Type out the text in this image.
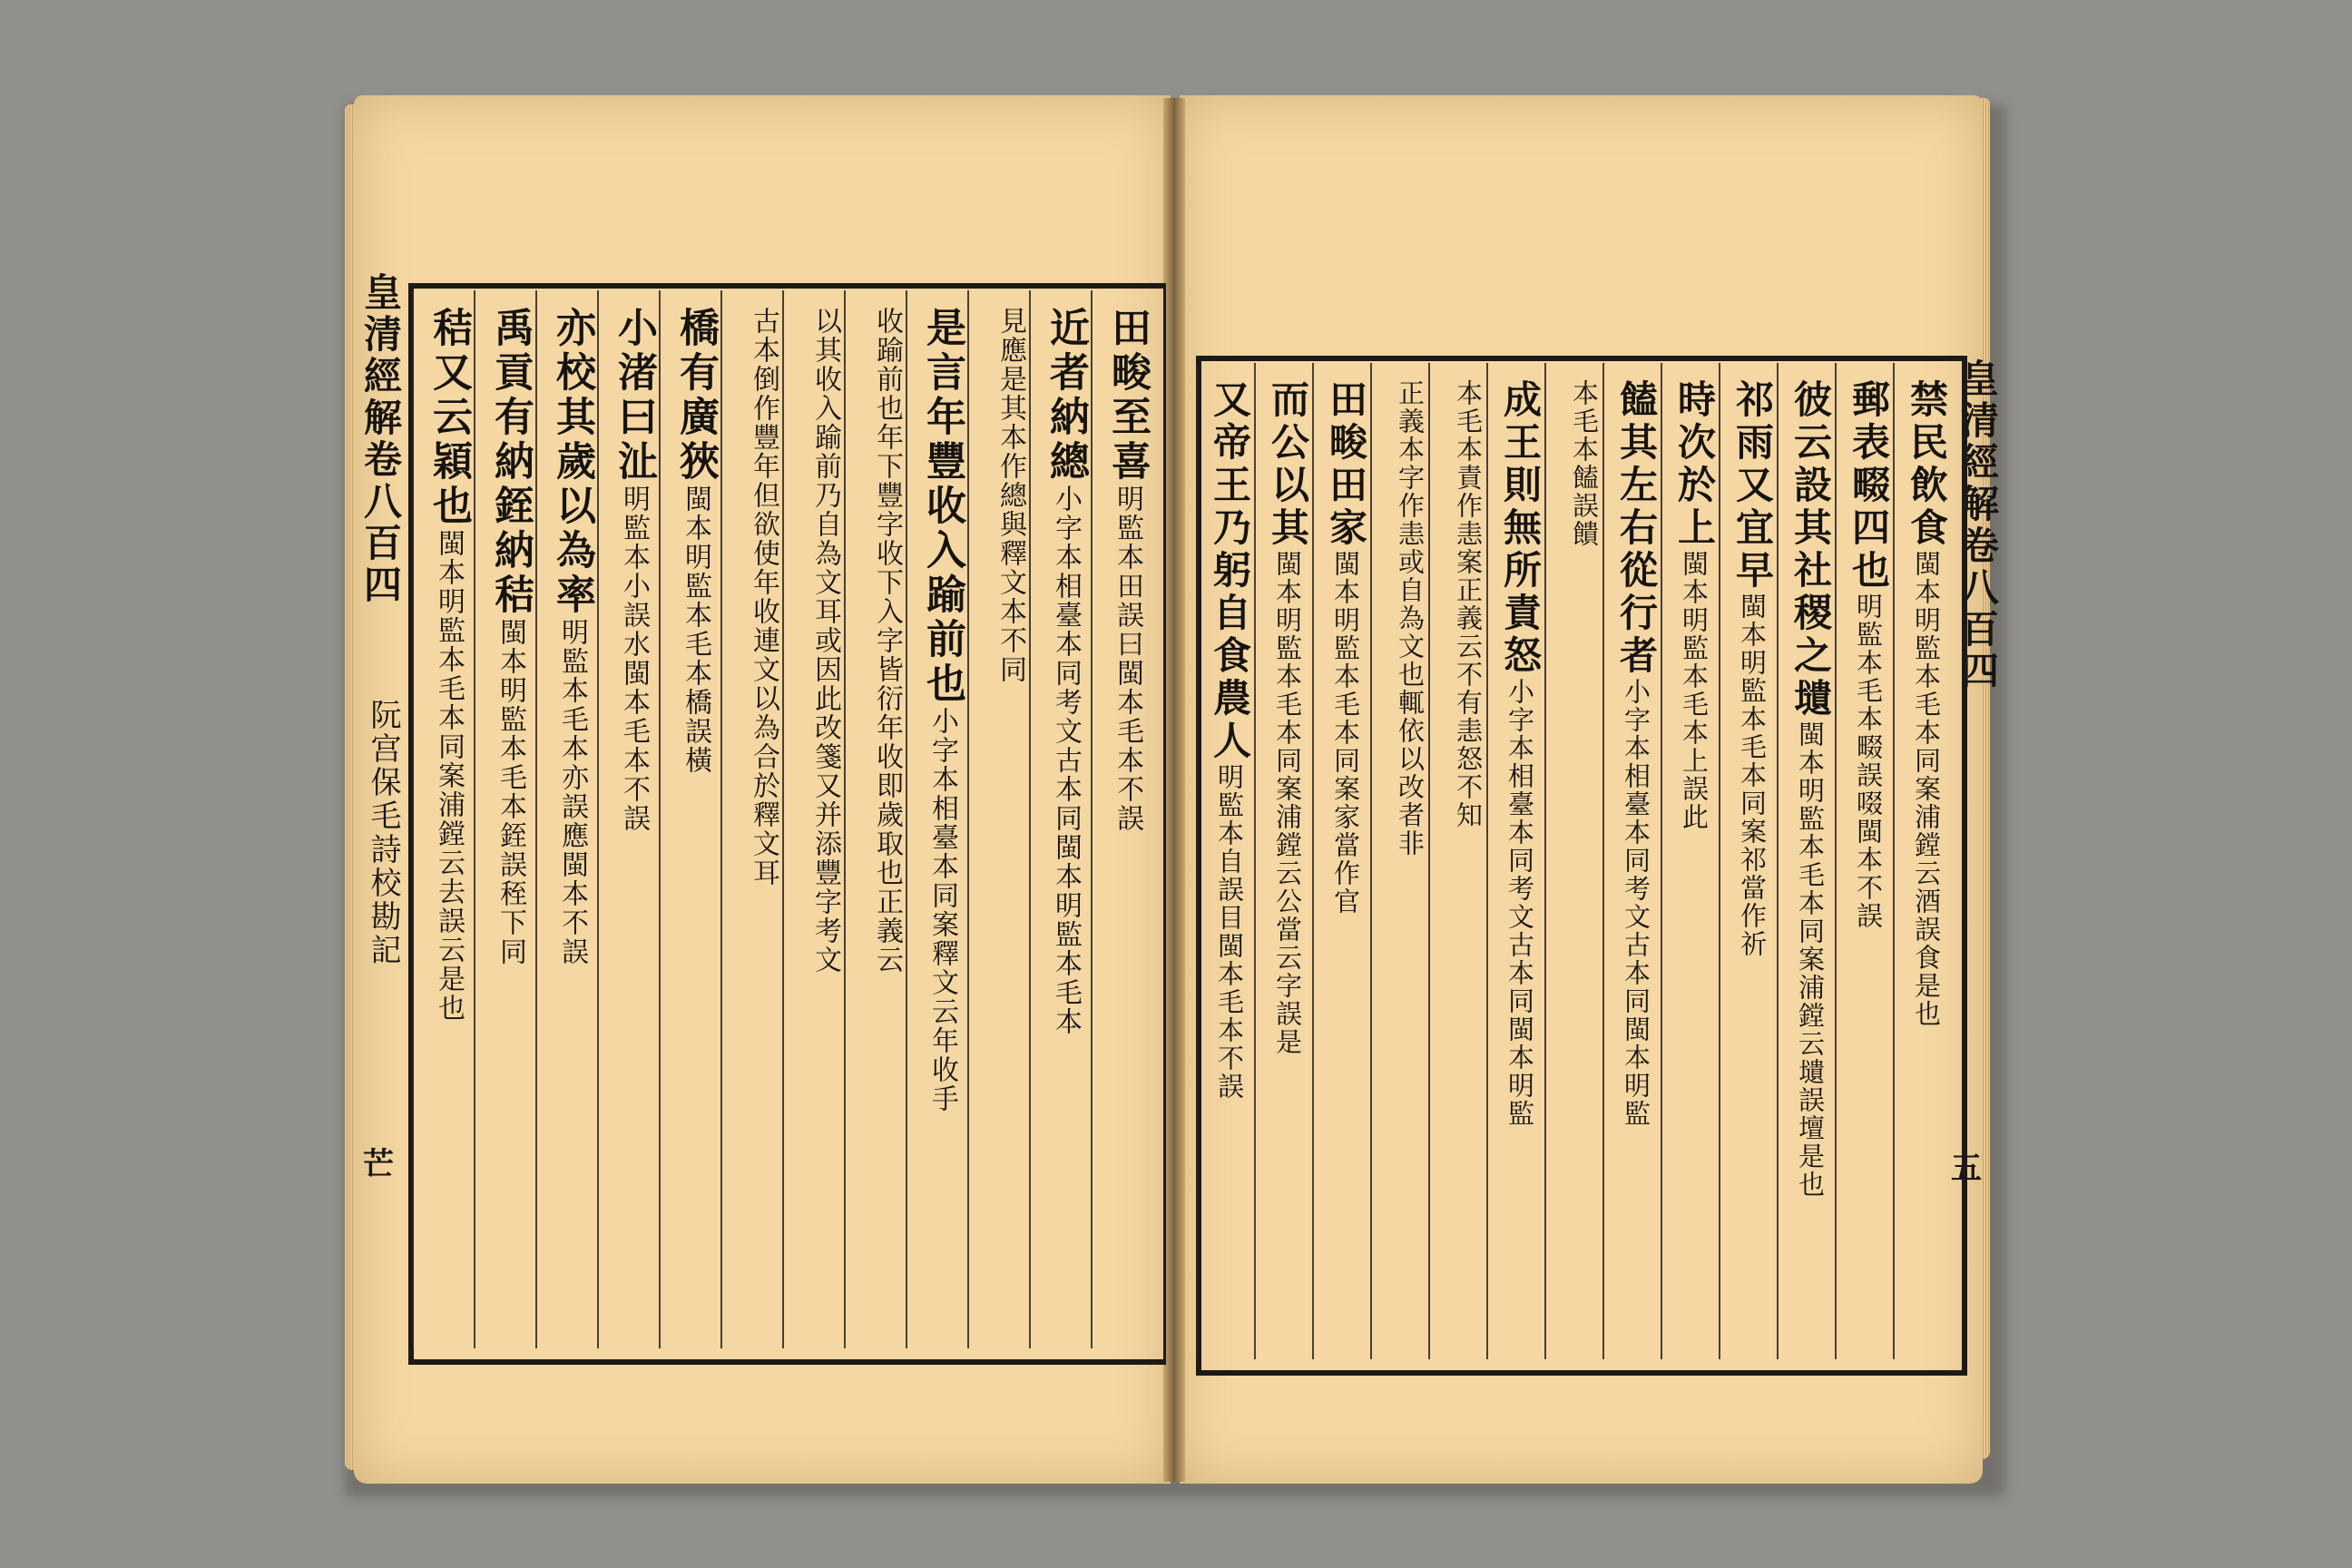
皇清經解卷八百四
阮宫保毛詩校勘記
芒
田畯至喜明監本田誤曰閩本毛本不誤
近者納總小字本相臺本同考文古本同閩本明監本毛本
見應是其本作總與釋文本不同
是言年豐收入踰前也小字本相臺本同案釋文云年收手
收踰前也年下豐字收下入字皆衍年收即歲取也正義云
以其收入踰前乃自為文耳或因此改箋又并添豐字考文
古本倒作豐年但欲使年收連文以為合於釋文耳
橋有廣狹閩本明監本毛本橋誤橫
小渚曰沚明監本小誤水閩本毛本不誤
亦校其歲以為率明監本毛本亦誤應閩本不誤
禹貢有納銍納秸閩本明監本毛本銍誤秷下同
秸又云穎也閩本明監本毛本同案浦鏜云去誤云是也
皇清經解卷八百四
五
禁民飲食閩本明監本毛本同案浦鏜云酒誤食是也
郵表畷四也明監本毛本畷誤啜閩本不誤
彼云設其社稷之壝閩本明監本毛本同案浦鏜云壝誤壇是也
祁雨又宜早閩本明監本毛本同案祁當作祈
時次於上閩本明監本毛本上誤此
饁其左右從行者小字本相臺本同考文古本同閩本明監
本毛本饁誤饋
成王則無所責怒小字本相臺本同考文古本同閩本明監
本毛本責作恚案正義云不有恚怒不知
正義本字作恚或自為文也輒依以改者非
田畯田家閩本明監本毛本同案家當作官
而公以其閩本明監本毛本同案浦鏜云公當云字誤是
又帝王乃躬自食農人明監本自誤目閩本毛本不誤
